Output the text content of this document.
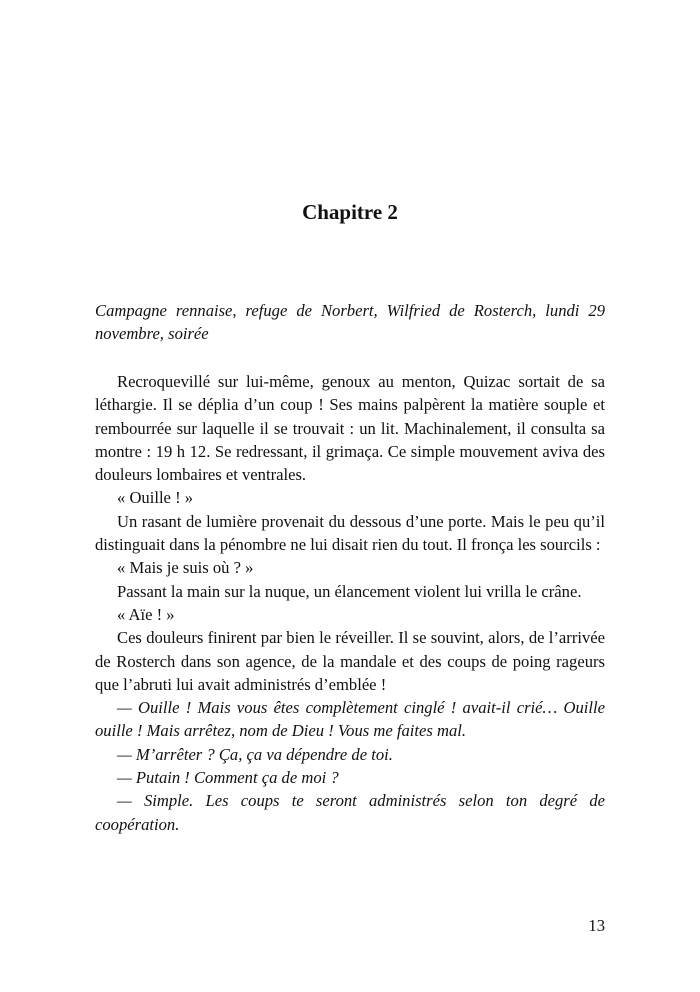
Chapitre 2
Campagne rennaise, refuge de Norbert, Wilfried de Rosterch, lundi 29 novembre, soirée

Recroquevillé sur lui-même, genoux au menton, Quizac sortait de sa léthargie. Il se déplia d’un coup ! Ses mains palpèrent la matière souple et rembourrée sur laquelle il se trouvait : un lit. Machinalement, il consulta sa montre : 19 h 12. Se redressant, il grimaça. Ce simple mouvement aviva des douleurs lombaires et ventrales.

« Ouille ! »

Un rasant de lumière provenait du dessous d’une porte. Mais le peu qu’il distinguait dans la pénombre ne lui disait rien du tout. Il fronça les sourcils :

« Mais je suis où ? »

Passant la main sur la nuque, un élancement violent lui vrilla le crâne.

« Aïe ! »

Ces douleurs finirent par bien le réveiller. Il se souvint, alors, de l’arrivée de Rosterch dans son agence, de la mandale et des coups de poing rageurs que l’abruti lui avait administrés d’emblée !

— Ouille ! Mais vous êtes complètement cinglé ! avait-il crié… Ouille ouille ! Mais arrêtez, nom de Dieu ! Vous me faites mal.

— M’arrêter ? Ça, ça va dépendre de toi.

— Putain ! Comment ça de moi ?

— Simple. Les coups te seront administrés selon ton degré de coopération.

13
